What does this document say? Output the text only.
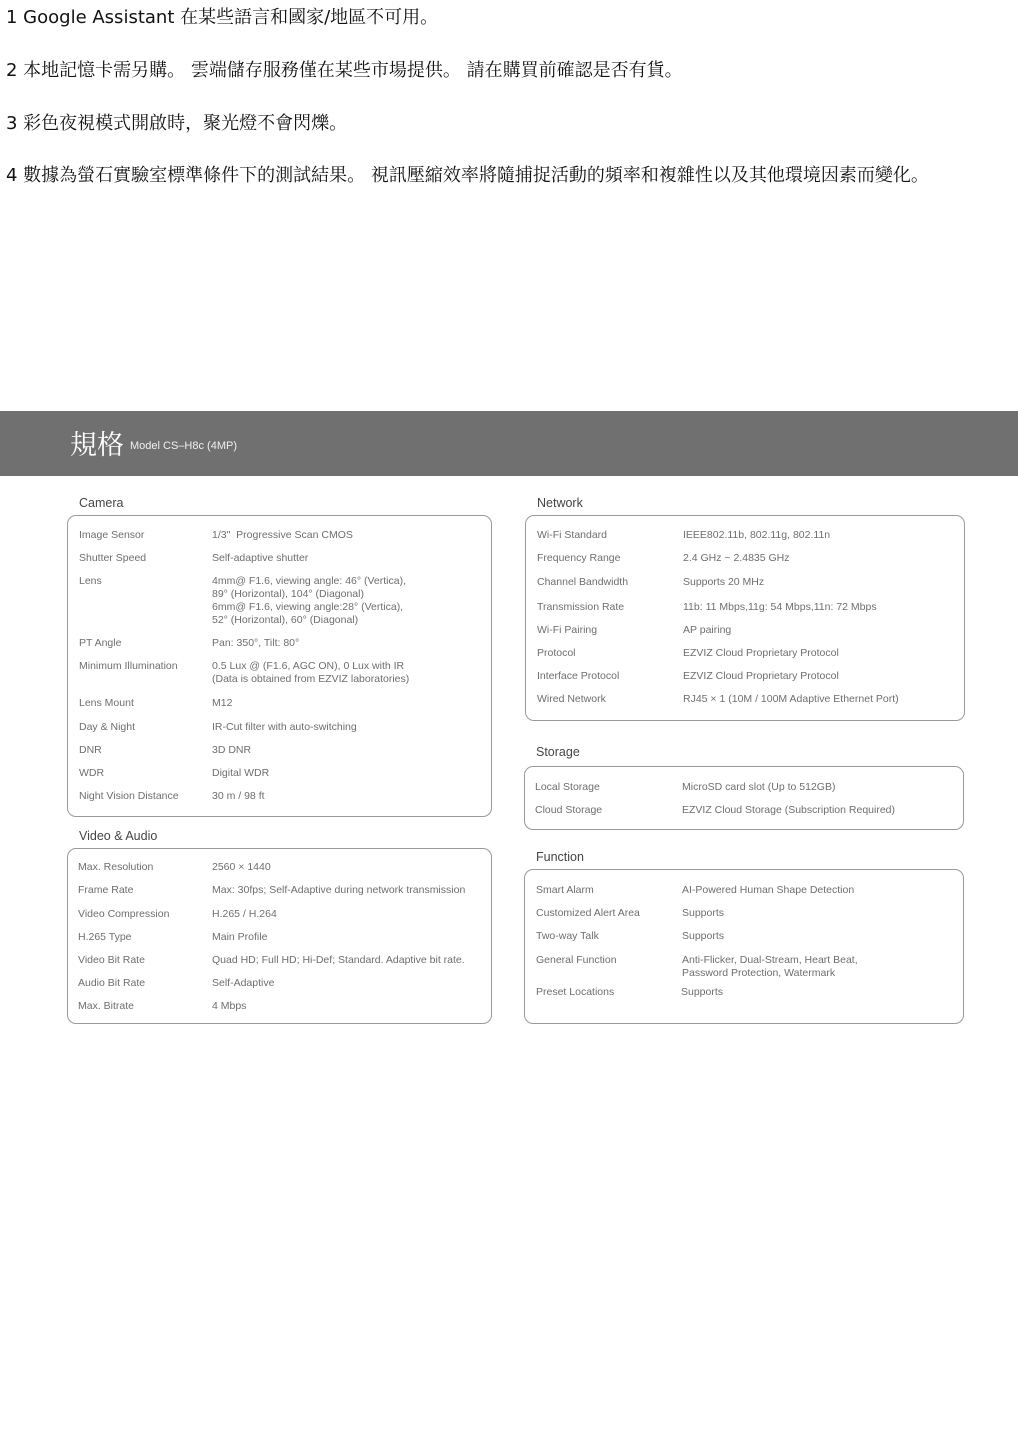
1 Google Assistant 在某些語言和國家/地區不可用。
2 本地記憶卡需另購。 雲端儲存服務僅在某些市場提供。 請在購買前確認是否有貨。
3 彩色夜視模式開啟時，聚光燈不會閃爍。
4 數據為螢石實驗室標準條件下的測試結果。 視訊壓縮效率將隨捕捉活動的頻率和複雜性以及其他環境因素而變化。
規格 Model CS–H8c (4MP)
Camera
Image Sensor	1/3"  Progressive Scan CMOS
Shutter Speed	Self-adaptive shutter
Lens	4mm@ F1.6, viewing angle: 46° (Vertica),
89° (Horizontal), 104° (Diagonal)
6mm@ F1.6, viewing angle:28° (Vertica),
52° (Horizontal), 60° (Diagonal)
PT Angle	Pan: 350°, Tilt: 80°
Minimum Illumination	0.5 Lux @ (F1.6, AGC ON), 0 Lux with IR
(Data is obtained from EZVIZ laboratories)
Lens Mount	M12
Day & Night	IR-Cut filter with auto-switching
DNR	3D DNR
WDR	Digital WDR
Night Vision Distance	30 m / 98 ft
Video & Audio
Max. Resolution	2560 × 1440
Frame Rate	Max: 30fps; Self-Adaptive during network transmission
Video Compression	H.265 / H.264
H.265 Type	Main Profile
Video Bit Rate	Quad HD; Full HD; Hi-Def; Standard. Adaptive bit rate.
Audio Bit Rate	Self-Adaptive
Max. Bitrate	4 Mbps
Network
Wi-Fi Standard	IEEE802.11b, 802.11g, 802.11n
Frequency Range	2.4 GHz ~ 2.4835 GHz
Channel Bandwidth	Supports 20 MHz
Transmission Rate	11b: 11 Mbps,11g: 54 Mbps,11n: 72 Mbps
Wi-Fi Pairing	AP pairing
Protocol	EZVIZ Cloud Proprietary Protocol
Interface Protocol	EZVIZ Cloud Proprietary Protocol
Wired Network	RJ45 × 1 (10M / 100M Adaptive Ethernet Port)
Storage
Local Storage	MicroSD card slot (Up to 512GB)
Cloud Storage	EZVIZ Cloud Storage (Subscription Required)
Function
Smart Alarm	AI-Powered Human Shape Detection
Customized Alert Area	Supports
Two-way Talk	Supports
General Function	Anti-Flicker, Dual-Stream, Heart Beat,
Password Protection, Watermark
Preset Locations	Supports
